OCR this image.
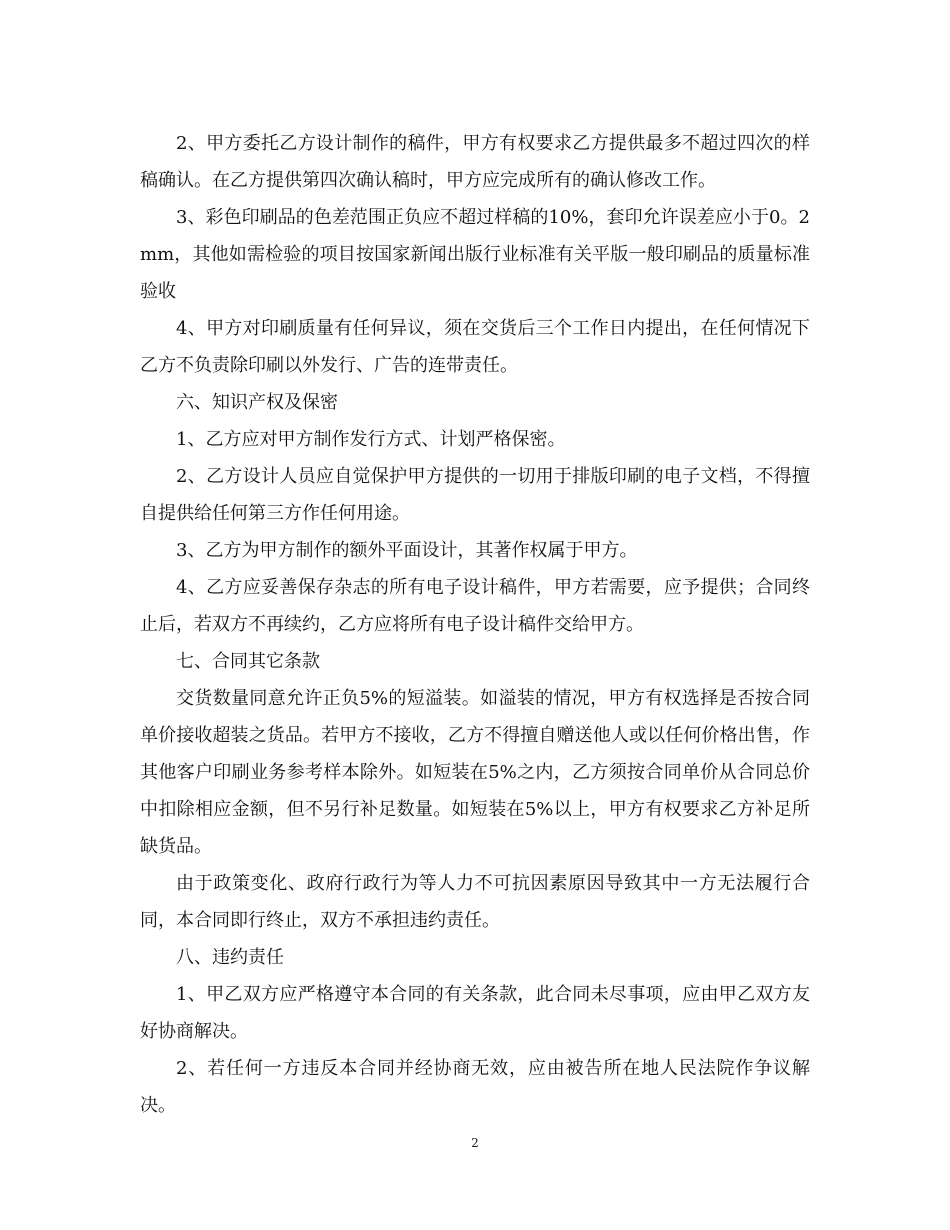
2、甲方委托乙方设计制作的稿件，甲方有权要求乙方提供最多不超过四次的样稿确认。在乙方提供第四次确认稿时，甲方应完成所有的确认修改工作。

3、彩色印刷品的色差范围正负应不超过样稿的10%，套印允许误差应小于0。2mm，其他如需检验的项目按国家新闻出版行业标准有关平版一般印刷品的质量标准验收

4、甲方对印刷质量有任何异议，须在交货后三个工作日内提出，在任何情况下乙方不负责除印刷以外发行、广告的连带责任。

六、知识产权及保密

1、乙方应对甲方制作发行方式、计划严格保密。

2、乙方设计人员应自觉保护甲方提供的一切用于排版印刷的电子文档，不得擅自提供给任何第三方作任何用途。

3、乙方为甲方制作的额外平面设计，其著作权属于甲方。

4、乙方应妥善保存杂志的所有电子设计稿件，甲方若需要，应予提供；合同终止后，若双方不再续约，乙方应将所有电子设计稿件交给甲方。

七、合同其它条款

交货数量同意允许正负5%的短溢装。如溢装的情况，甲方有权选择是否按合同单价接收超装之货品。若甲方不接收，乙方不得擅自赠送他人或以任何价格出售，作其他客户印刷业务参考样本除外。如短装在5%之内，乙方须按合同单价从合同总价中扣除相应金额，但不另行补足数量。如短装在5%以上，甲方有权要求乙方补足所缺货品。

由于政策变化、政府行政行为等人力不可抗因素原因导致其中一方无法履行合同，本合同即行终止，双方不承担违约责任。

八、违约责任

1、甲乙双方应严格遵守本合同的有关条款，此合同未尽事项，应由甲乙双方友好协商解决。

2、若任何一方违反本合同并经协商无效，应由被告所在地人民法院作争议解决。

2
